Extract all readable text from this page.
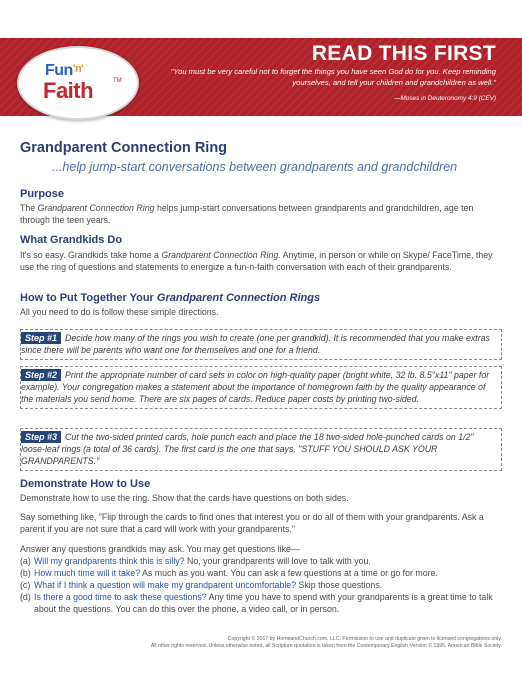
Fun'n'
Faith	TM
READ THIS FIRST
"You must be very careful not to forget the things you have seen God do for you. Keep reminding yourselves, and tell your children and grandchildren as well."
—Moses in Deuteronomy 4:9 (CEV)
Grandparent Connection Ring
...help jump-start conversations between grandparents and grandchildren
Purpose
The Grandparent Connection Ring helps jump-start conversations between grandparents and grandchildren, age ten through the teen years.
What Grandkids Do
It's so easy. Grandkids take home a Grandparent Connection Ring. Anytime, in person or while on Skype/ FaceTime, they use the ring of questions and statements to energize a fun-n-faith conversation with each of their grandparents.
How to Put Together Your Grandparent Connection Rings
All you need to do is follow these simple directions.
Step #1 Decide how many of the rings you wish to create (one per grandkid). It is recommended that you make extras since there will be parents who want one for themselves and one for a friend.
Step #2 Print the appropriate number of card sets in color on high-quality paper (bright white, 32 lb. 8.5"x11" paper for example). Your congregation makes a statement about the importance of homegrown faith by the quality appearance of the materials you send home. There are six pages of cards. Reduce paper costs by printing two-sided.
Step #3 Cut the two-sided printed cards, hole punch each and place the 18 two-sided hole-punched cards on 1/2" loose-leaf rings (a total of 36 cards). The first card is the one that says, "STUFF YOU SHOULD ASK YOUR GRANDPARENTS."
Demonstrate How to Use
Demonstrate how to use the ring. Show that the cards have questions on both sides.
Say something like, "Flip through the cards to find ones that interest you or do all of them with your grandparents. Ask a parent if you are not sure that a card will work with your grandparents."
Answer any questions grandkids may ask. You may get questions like—
(a) Will my grandparents think this is silly? No, your grandparents will love to talk with you.
(b) How much time will it take? As much as you want. You can ask a few questions at a time or go for more.
(c) What if I think a question will make my grandparent uncomfortable? Skip those questions.
(d) Is there a good time to ask these questions? Any time you have to spend with your grandparents is a great time to talk about the questions. You can do this over the phone, a video call, or in person.
Copyright © 2017 by HomeandChurch.com, LLC. Permission to use and duplicate given to licensed congregations only.
All other rights reserved. Unless otherwise noted, all Scripture quotation is taken from the Contemporary English Version © 1995, American Bible Society.
